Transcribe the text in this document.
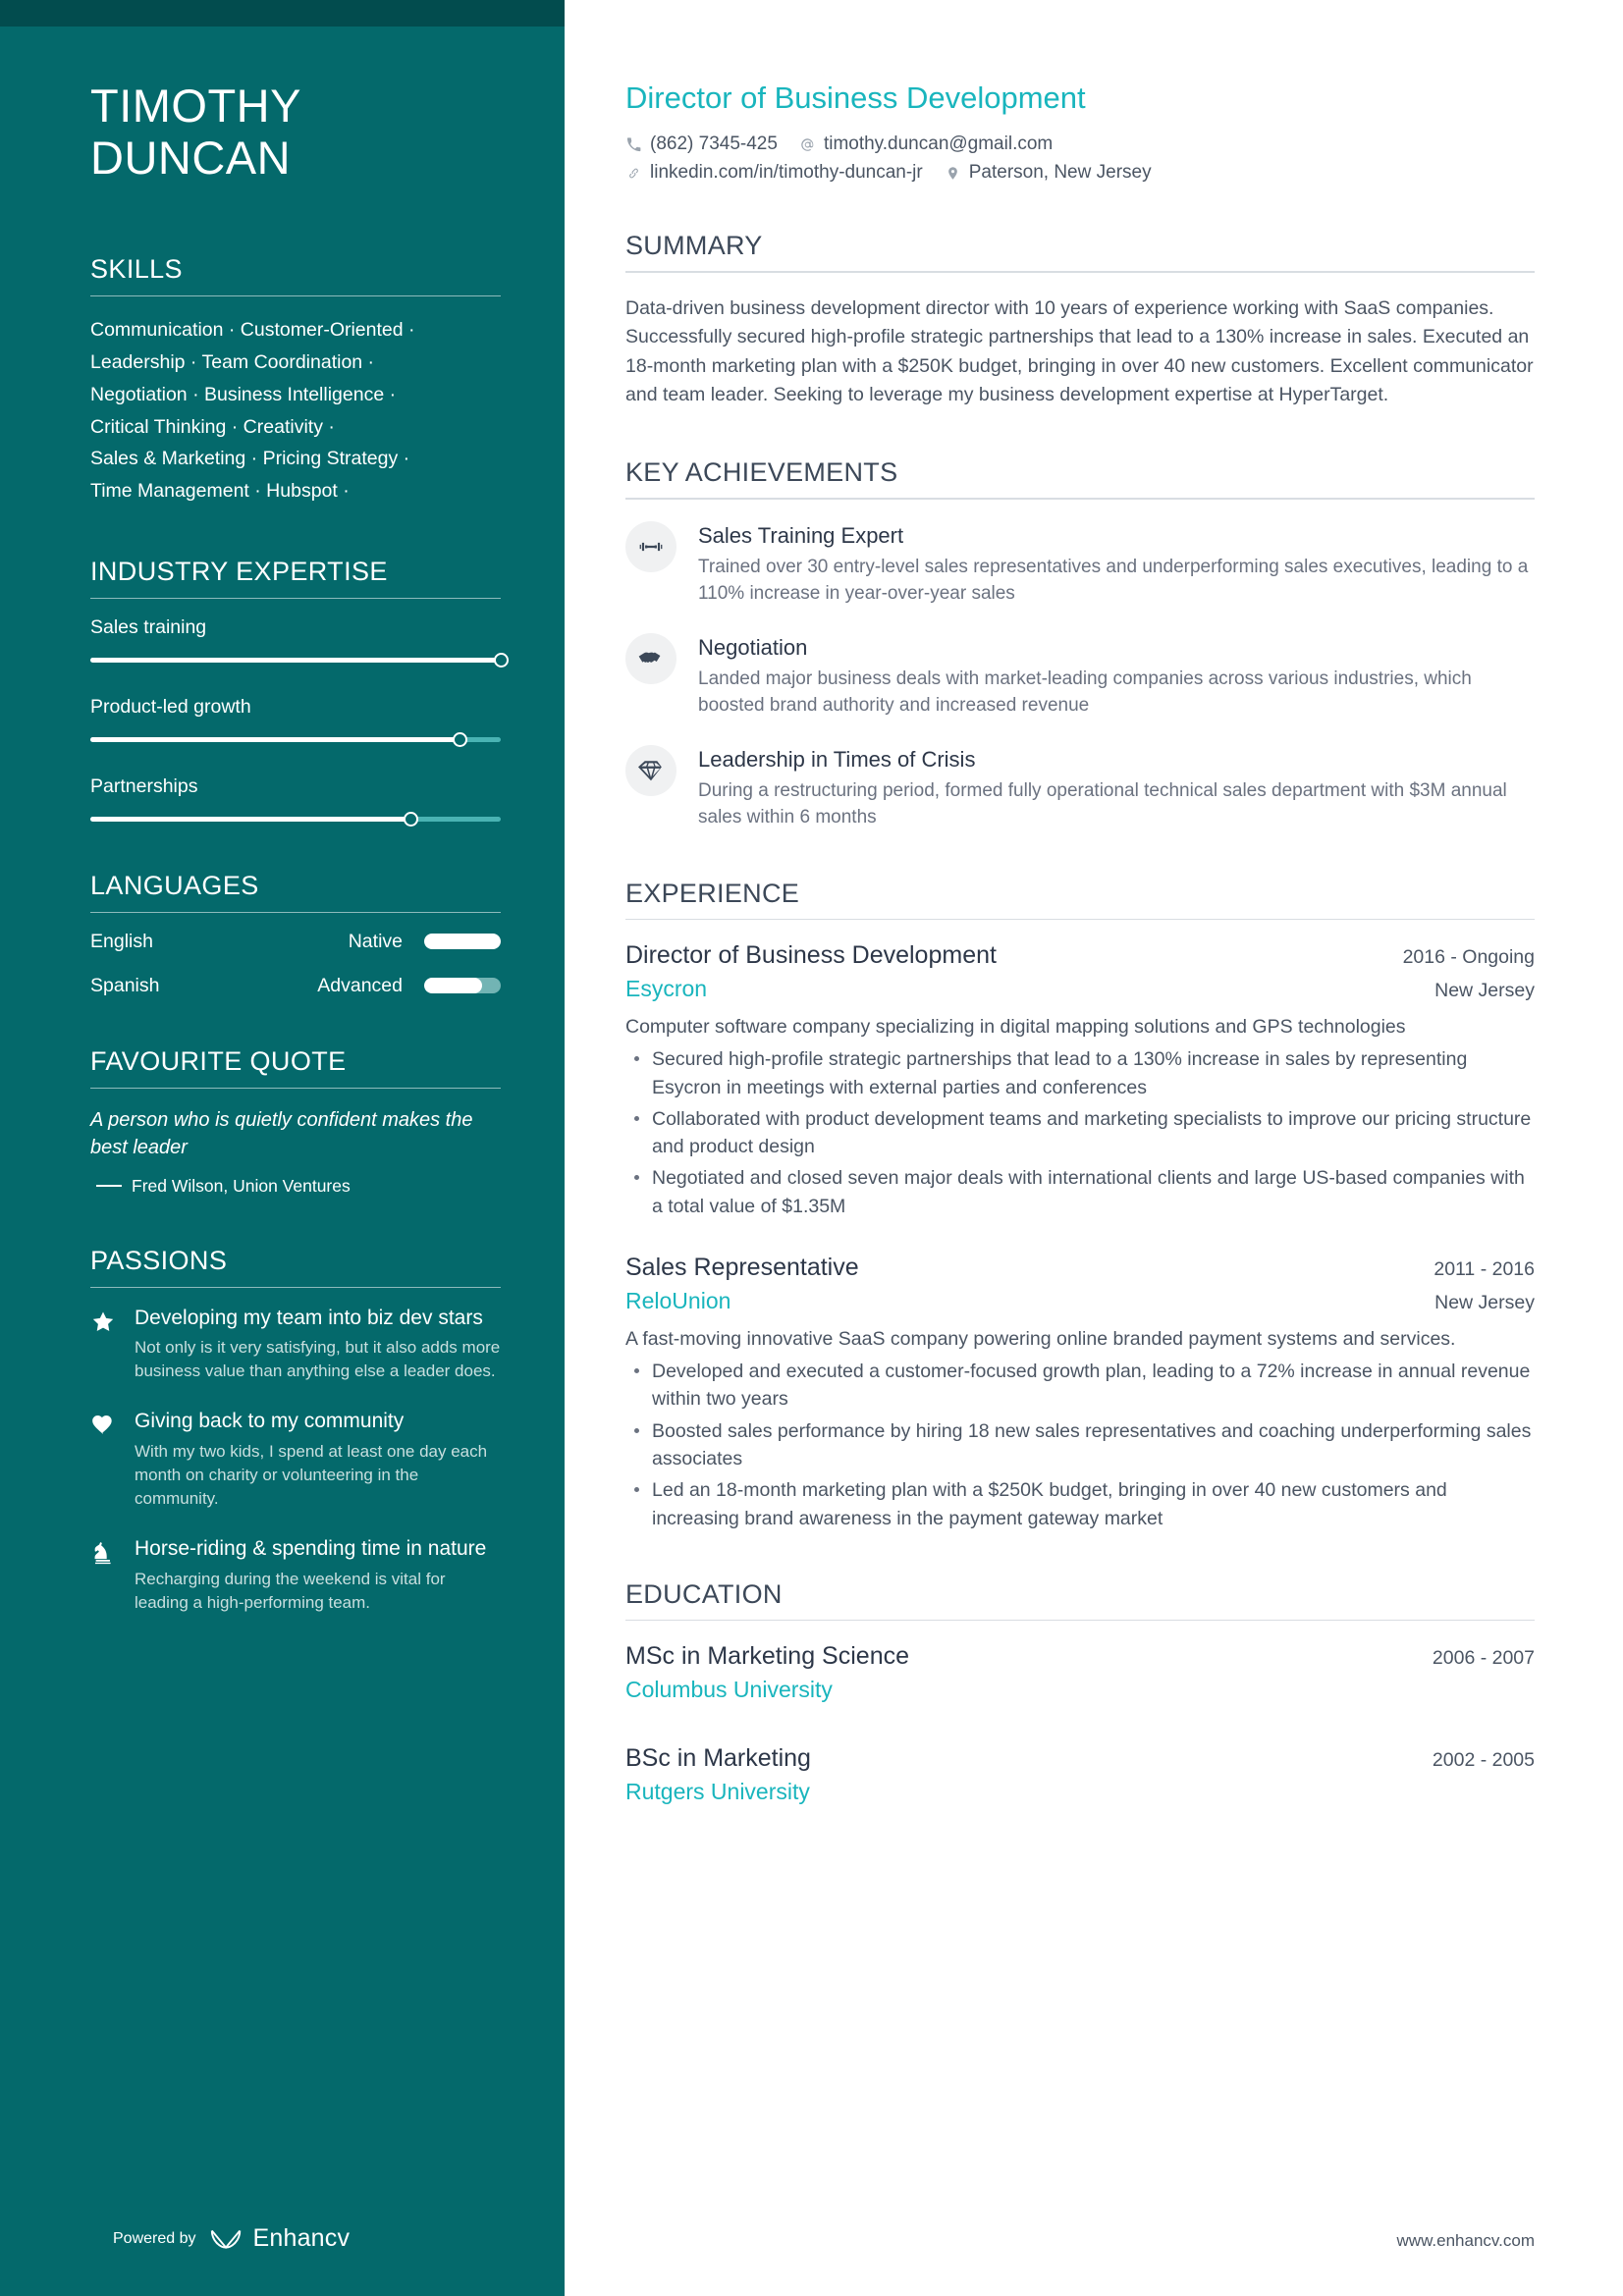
TIMOTHY
DUNCAN
SKILLS
Communication · Customer-Oriented ·
Leadership · Team Coordination ·
Negotiation · Business Intelligence ·
Critical Thinking · Creativity ·
Sales & Marketing · Pricing Strategy ·
Time Management · Hubspot ·
INDUSTRY EXPERTISE
Sales training
Product-led growth
Partnerships
LANGUAGES
English	Native
Spanish	Advanced
FAVOURITE QUOTE
A person who is quietly confident makes the best leader
Fred Wilson, Union Ventures
PASSIONS
Developing my team into biz dev stars
Not only is it very satisfying, but it also adds more business value than anything else a leader does.
Giving back to my community
With my two kids, I spend at least one day each month on charity or volunteering in the community.
Horse-riding & spending time in nature
Recharging during the weekend is vital for leading a high-performing team.
Powered by Enhancv
Director of Business Development
(862) 7345-425 timothy.duncan@gmail.com
linkedin.com/in/timothy-duncan-jr Paterson, New Jersey
SUMMARY

Data-driven business development director with 10 years of experience working with SaaS companies. Successfully secured high-profile strategic partnerships that lead to a 130% increase in sales. Executed an 18-month marketing plan with a $250K budget, bringing in over 40 new customers. Excellent communicator and team leader. Seeking to leverage my business development expertise at HyperTarget.

KEY ACHIEVEMENTS
Sales Training Expert
Trained over 30 entry-level sales representatives and underperforming sales executives, leading to a 110% increase in year-over-year sales
Negotiation
Landed major business deals with market-leading companies across various industries, which boosted brand authority and increased revenue
Leadership in Times of Crisis
During a restructuring period, formed fully operational technical sales department with $3M annual sales within 6 months
EXPERIENCE
Director of Business Development	2016 - Ongoing
Esycron	New Jersey
Computer software company specializing in digital mapping solutions and GPS technologies
Secured high-profile strategic partnerships that lead to a 130% increase in sales by representing Esycron in meetings with external parties and conferences
Collaborated with product development teams and marketing specialists to improve our pricing structure and product design
Negotiated and closed seven major deals with international clients and large US-based companies with a total value of $1.35M
Sales Representative	2011 - 2016
ReloUnion	New Jersey
A fast-moving innovative SaaS company powering online branded payment systems and services.
Developed and executed a customer-focused growth plan, leading to a 72% increase in annual revenue within two years
Boosted sales performance by hiring 18 new sales representatives and coaching underperforming sales associates
Led an 18-month marketing plan with a $250K budget, bringing in over 40 new customers and increasing brand awareness in the payment gateway market
EDUCATION
MSc in Marketing Science	2006 - 2007
Columbus University
BSc in Marketing	2002 - 2005
Rutgers University
www.enhancv.com
